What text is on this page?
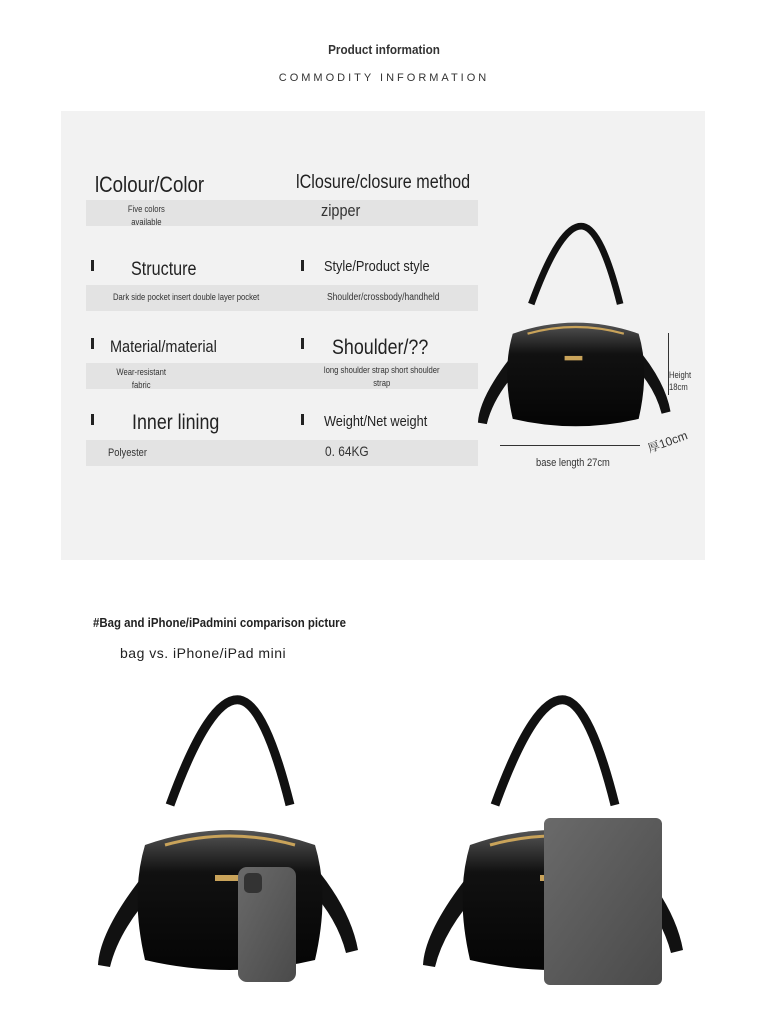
Product information
COMMODITY INFORMATION
lColour/Color
Five colors available
lClosure/closure method
zipper
Structure
Dark side pocket insert double layer pocket
Style/Product style
Shoulder/crossbody/handheld
Material/material
Wear-resistant fabric
Shoulder/??
long shoulder strap short shoulder strap
Inner lining
Polyester
Weight/Net weight
0. 64KG
Height 18cm
base length 27cm
厚10cm
#Bag and iPhone/iPadmini comparison picture
bag vs. iPhone/iPad mini
